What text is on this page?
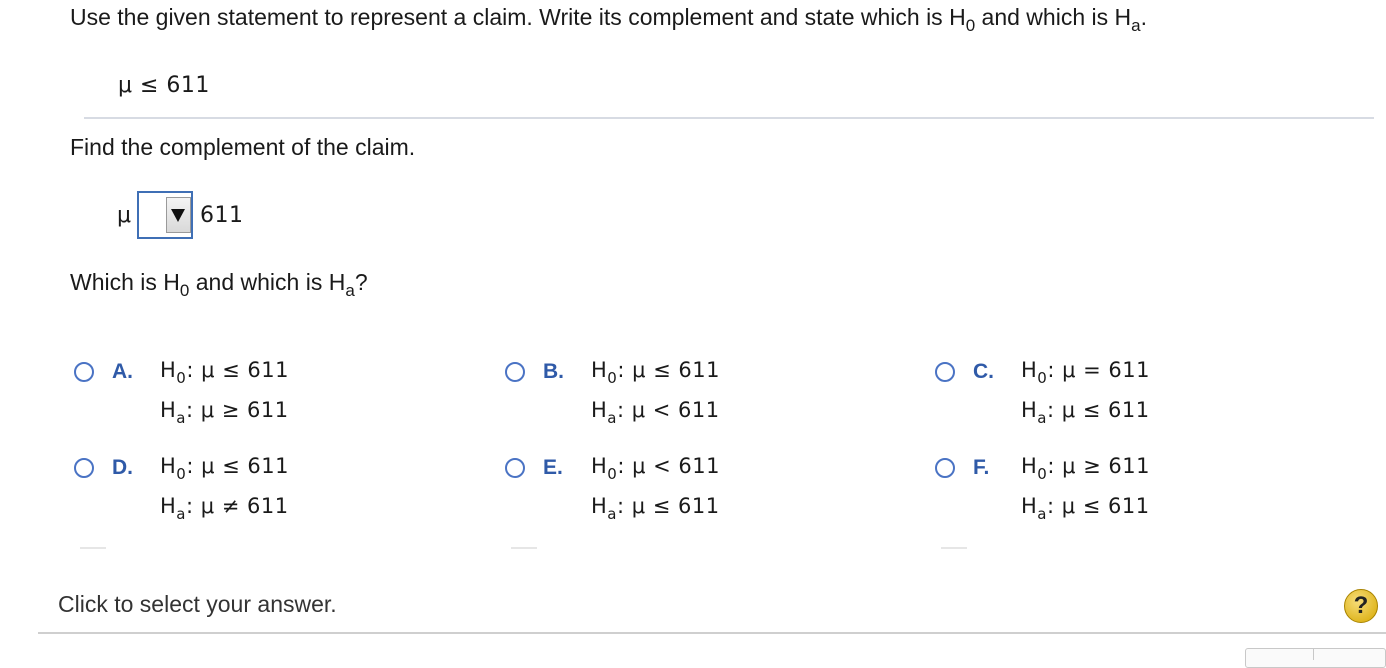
Use the given statement to represent a claim. Write its complement and state which is $H_0$ and which is $H_a$.
μ ≤ 611
Find the complement of the claim.
μ	611
Which is $H_0$ and which is $H_a$?
A. $H_0$: μ ≤ 611
$H_a$: μ ≥ 611
B. $H_0$: μ ≤ 611
$H_a$: μ < 611
C. $H_0$: μ = 611
$H_a$: μ ≤ 611
D. $H_0$: μ ≤ 611
$H_a$: μ ≠ 611
E. $H_0$: μ < 611
$H_a$: μ ≤ 611
F. $H_0$: μ ≥ 611
$H_a$: μ ≤ 611
Click to select your answer.	?
